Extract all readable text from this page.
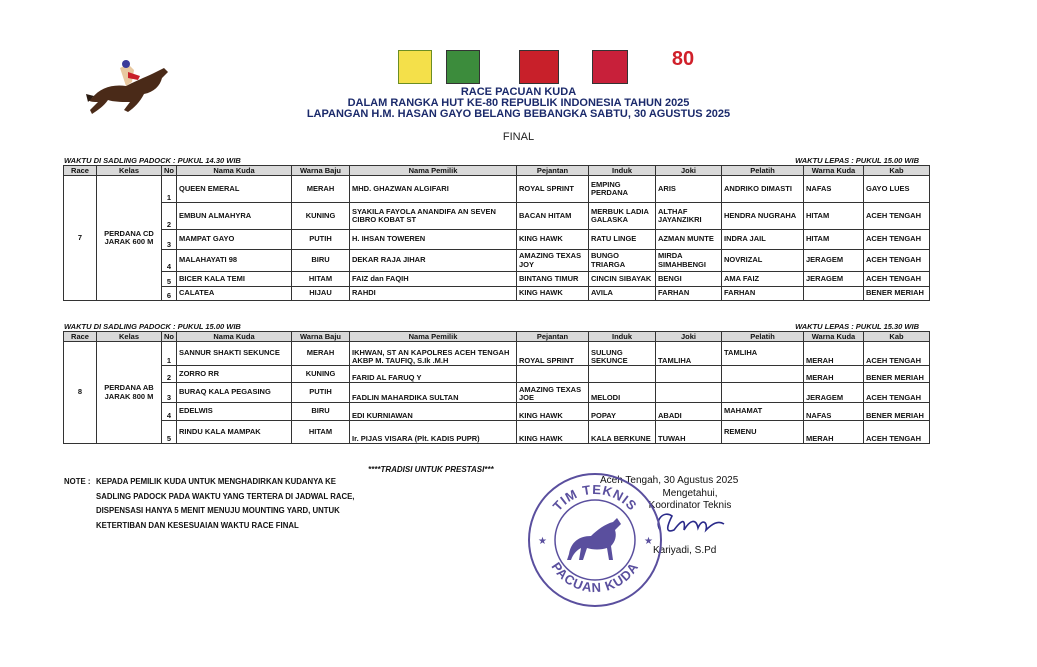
80
RACE PACUAN KUDA
DALAM RANGKA HUT KE-80 REPUBLIK INDONESIA TAHUN 2025
LAPANGAN H.M. HASAN GAYO BELANG BEBANGKA SABTU, 30 AGUSTUS 2025
FINAL
WAKTU DI SADLING PADOCK : PUKUL 14.30 WIB	WAKTU LEPAS : PUKUL 15.00 WIB
Race	Kelas	No	Nama Kuda	Warna Baju	Nama Pemilik	Pejantan	Induk	Joki	Pelatih	Warna Kuda	Kab
7	PERDANA CD JARAK 600 M	1	QUEEN EMERAL	MERAH	MHD. GHAZWAN ALGIFARI	ROYAL SPRINT	EMPING PERDANA	ARIS	ANDRIKO DIMASTI	NAFAS	GAYO LUES
		2	EMBUN ALMAHYRA	KUNING	SYAKILA FAYOLA ANANDIFA AN SEVEN CIBRO KOBAT ST	BACAN HITAM	MERBUK LADIA GALASKA	ALTHAF JAYANZIKRI	HENDRA NUGRAHA	HITAM	ACEH TENGAH
		3	MAMPAT GAYO	PUTIH	H. IHSAN TOWEREN	KING HAWK	RATU LINGE	AZMAN MUNTE	INDRA JAIL	HITAM	ACEH TENGAH
		4	MALAHAYATI 98	BIRU	DEKAR RAJA JIHAR	AMAZING TEXAS JOY	BUNGO TRIARGA	MIRDA SIMAHBENGI	NOVRIZAL	JERAGEM	ACEH TENGAH
		5	BICER KALA TEMI	HITAM	FAIZ dan FAQIH	BINTANG TIMUR	CINCIN SIBAYAK	BENGI	AMA FAIZ	JERAGEM	ACEH TENGAH
		6	CALATEA	HIJAU	RAHDI	KING HAWK	AVILA	FARHAN	FARHAN		BENER MERIAH
WAKTU DI SADLING PADOCK : PUKUL 15.00 WIB	WAKTU LEPAS : PUKUL 15.30 WIB
Race	Kelas	No	Nama Kuda	Warna Baju	Nama Pemilik	Pejantan	Induk	Joki	Pelatih	Warna Kuda	Kab
8	PERDANA AB JARAK 800 M	1	SANNUR SHAKTI SEKUNCE	MERAH	IKHWAN, ST AN KAPOLRES ACEH TENGAH AKBP M. TAUFIQ, S.Ik .M.H	ROYAL SPRINT	SULUNG SEKUNCE	TAMLIHA	TAMLIHA	MERAH	ACEH TENGAH
		2	ZORRO RR	KUNING	FARID AL FARUQ Y					MERAH	BENER MERIAH
		3	BURAQ KALA PEGASING	PUTIH	FADLIN MAHARDIKA SULTAN	AMAZING TEXAS JOE	MELODI			JERAGEM	ACEH TENGAH
		4	EDELWIS	BIRU	EDI KURNIAWAN	KING HAWK	POPAY	ABADI	MAHAMAT	NAFAS	BENER MERIAH
		5	RINDU KALA MAMPAK	HITAM	Ir. PIJAS VISARA (Plt. KADIS PUPR)	KING HAWK	KALA BERKUNE	TUWAH	REMENU	MERAH	ACEH TENGAH
****TRADISI UNTUK PRESTASI***
NOTE : KEPADA PEMILIK KUDA UNTUK MENGHADIRKAN KUDANYA KE
SADLING PADOCK PADA WAKTU YANG TERTERA DI JADWAL RACE,
DISPENSASI HANYA 5 MENIT MENUJU MOUNTING YARD, UNTUK
KETERTIBAN DAN KESESUAIAN WAKTU RACE FINAL
Aceh Tengah, 30 Agustus 2025
Mengetahui,
Koordinator Teknis
Kariyadi, S.Pd
TIM TEKNIS
PACUAN KUDA
★	★
